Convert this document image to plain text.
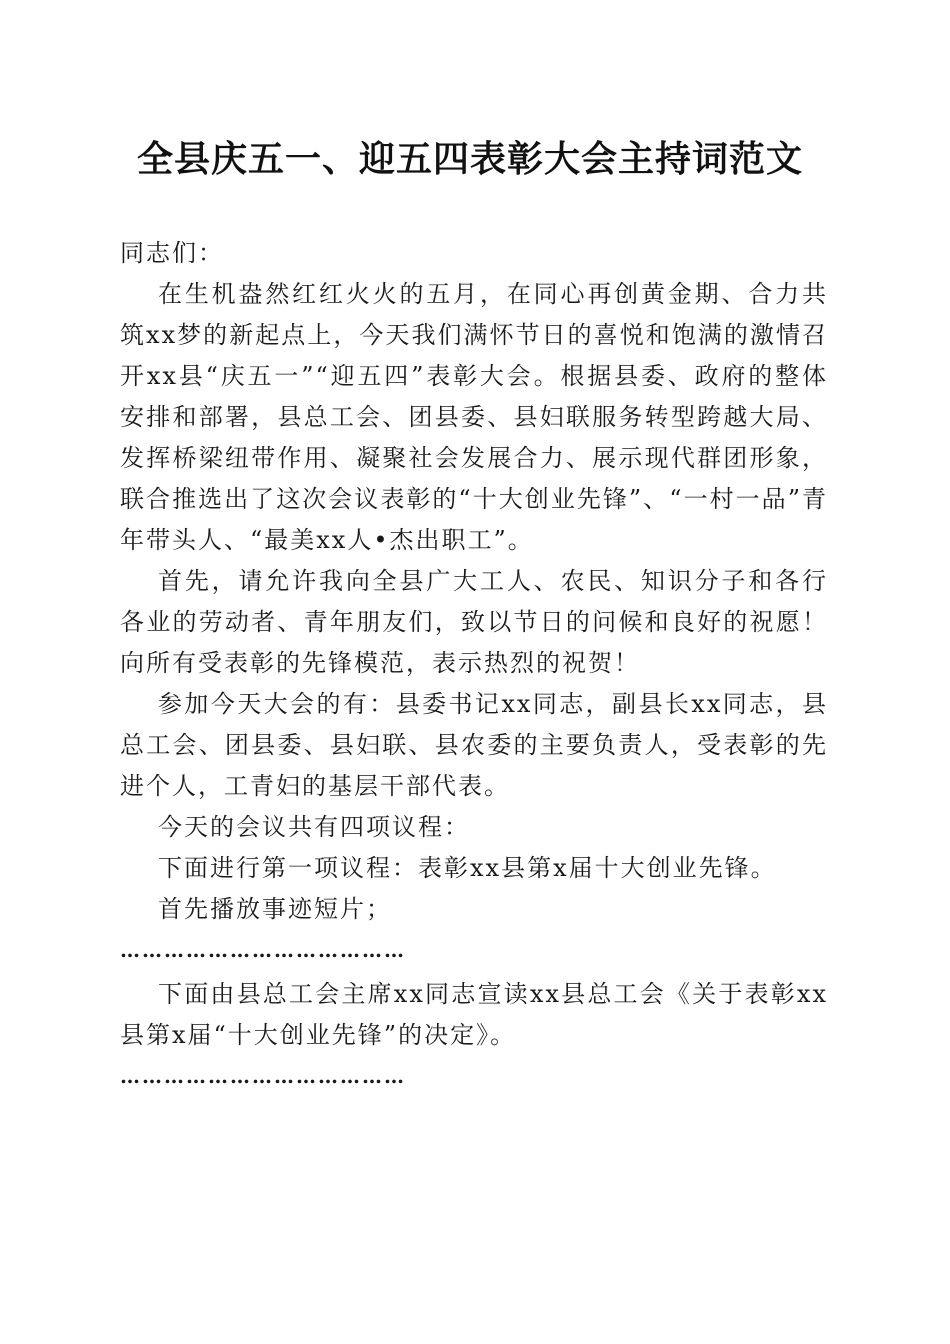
全县庆五一、迎五四表彰大会主持词范文

同志们：

在生机盎然红红火火的五月，在同心再创黄金期、合力共筑xx梦的新起点上，今天我们满怀节日的喜悦和饱满的激情召开xx县“庆五一”“迎五四”表彰大会。根据县委、政府的整体安排和部署，县总工会、团县委、县妇联服务转型跨越大局、发挥桥梁纽带作用、凝聚社会发展合力、展示现代群团形象，联合推选出了这次会议表彰的“十大创业先锋”、“一村一品”青年带头人、“最美xx人•杰出职工”。

首先，请允许我向全县广大工人、农民、知识分子和各行各业的劳动者、青年朋友们，致以节日的问候和良好的祝愿！向所有受表彰的先锋模范，表示热烈的祝贺！

参加今天大会的有：县委书记xx同志，副县长xx同志，县总工会、团县委、县妇联、县农委的主要负责人，受表彰的先进个人，工青妇的基层干部代表。

今天的会议共有四项议程：

下面进行第一项议程：表彰xx县第x届十大创业先锋。

首先播放事迹短片；

…………………………………

下面由县总工会主席xx同志宣读xx县总工会《关于表彰xx县第x届“十大创业先锋”的决定》。

…………………………………
